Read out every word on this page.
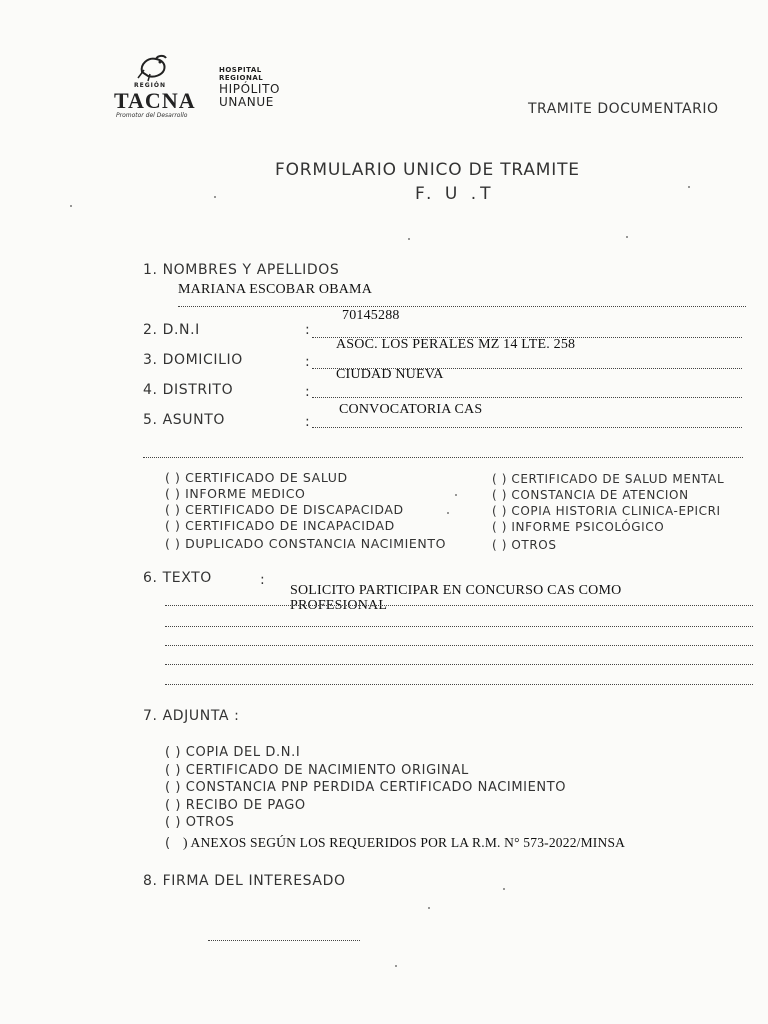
REGIÓN
TACNA
Promotor del Desarrollo
HOSPITAL
REGIONAL
HIPÓLITO
UNANUE	TRAMITE DOCUMENTARIO
FORMULARIO UNICO DE TRAMITE
F. U .T
1. NOMBRES Y APELLIDOS
MARIANA ESCOBAR OBAMA
2. D.N.I	:
70145288
3. DOMICILIO	:
ASOC. LOS PERALES MZ 14 LTE. 258
4. DISTRITO	:
CIUDAD NUEVA
5. ASUNTO	:
CONVOCATORIA CAS
( ) CERTIFICADO DE SALUD
( ) INFORME MEDICO
( ) CERTIFICADO DE DISCAPACIDAD
( ) CERTIFICADO DE INCAPACIDAD
( ) DUPLICADO CONSTANCIA NACIMIENTO
( ) CERTIFICADO DE SALUD MENTAL
( ) CONSTANCIA DE ATENCION
( ) COPIA HISTORIA CLINICA-EPICRI
( ) INFORME PSICOLÓGICO
( ) OTROS
6. TEXTO	:
SOLICITO PARTICIPAR EN CONCURSO CAS COMO
PROFESIONAL
7. ADJUNTA :
( ) COPIA DEL D.N.I
( ) CERTIFICADO DE NACIMIENTO ORIGINAL
( ) CONSTANCIA PNP PERDIDA CERTIFICADO NACIMIENTO
( ) RECIBO DE PAGO
( ) OTROS
( ) ANEXOS SEGÚN LOS REQUERIDOS POR LA R.M. N° 573-2022/MINSA
8. FIRMA DEL INTERESADO
